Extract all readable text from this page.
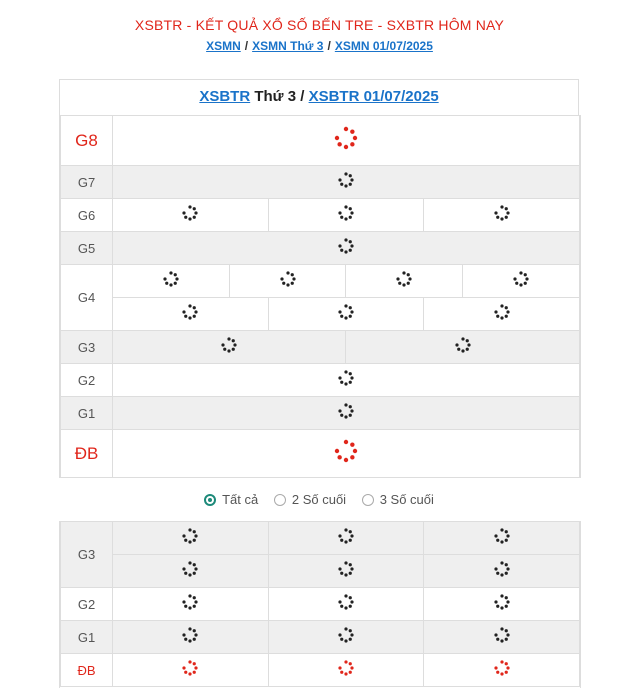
XSBTR - KẾT QUẢ XỔ SỐ BẾN TRE - SXBTR HÔM NAY
XSMN / XSMN Thứ 3 / XSMN 01/07/2025
XSBTR Thứ 3 / XSBTR 01/07/2025
G8	
G7	
G6			
G5	
G4				

G3		
G2	
G1	
ĐB	
Tất cả
	2 Số cuối
	3 Số cuối
G3			

G2			
G1			
ĐB			
